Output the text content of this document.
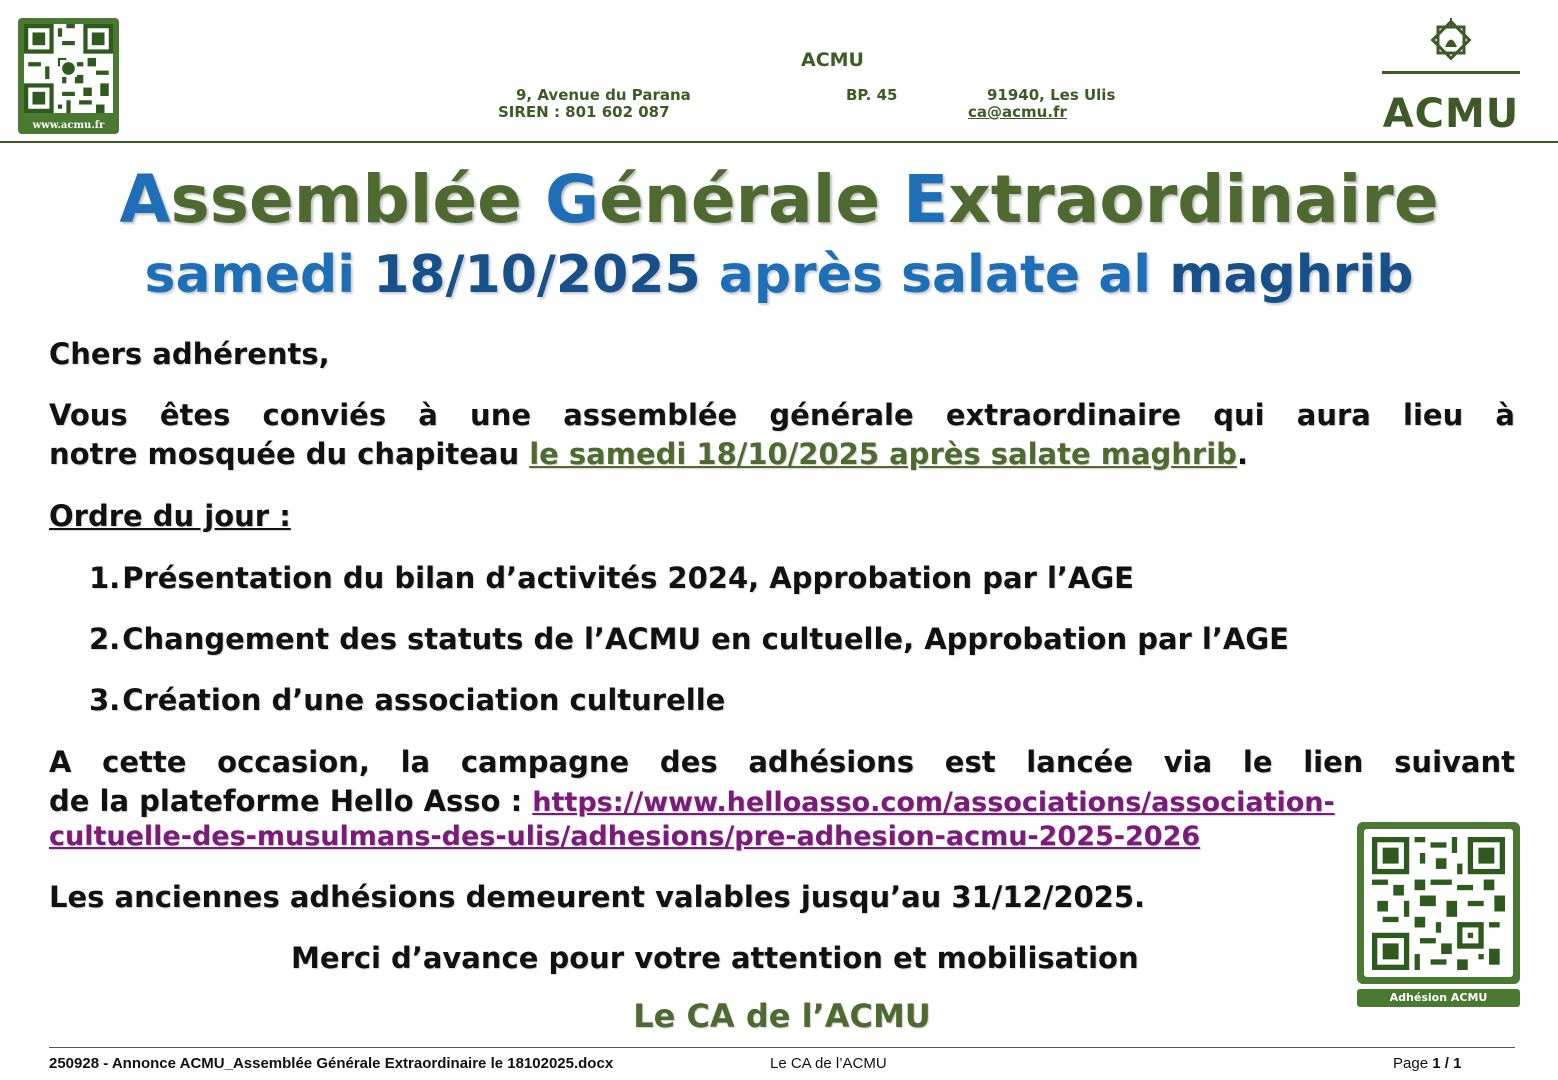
www.acmu.fr
ACMU
9, Avenue du Parana	BP. 45	91940, Les Ulis
SIREN : 801 602 087	ca@acmu.fr	ACMU
Assemblée Générale Extraordinaire
samedi 18/10/2025 après salate al maghrib
Chers adhérents,
Vous êtes conviés à une assemblée générale extraordinaire qui aura lieu à
notre mosquée du chapiteau le samedi 18/10/2025 après salate maghrib.
Ordre du jour :
1.Présentation du bilan d’activités 2024, Approbation par l’AGE
2.Changement des statuts de l’ACMU en cultuelle, Approbation par l’AGE
3.Création d’une association culturelle
A cette occasion, la campagne des adhésions est lancée via le lien suivant
de la plateforme Hello Asso : https://www.helloasso.com/associations/association-
cultuelle-des-musulmans-des-ulis/adhesions/pre-adhesion-acmu-2025-2026
Adhésion ACMU
Les anciennes adhésions demeurent valables jusqu’au 31/12/2025.
Merci d’avance pour votre attention et mobilisation
Le CA de l’ACMU
250928 - Annonce ACMU_Assemblée Générale Extraordinaire le 18102025.docx	Le CA de l’ACMU	Page 1 / 1
